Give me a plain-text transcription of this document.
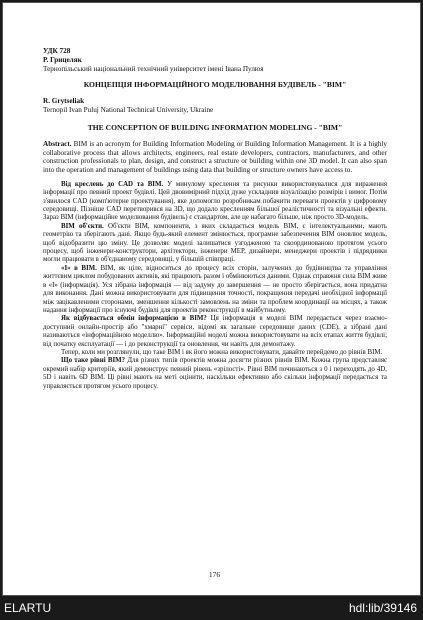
УДК 728
Р. Грицеляк
Тернопільський національний технічний університет імені Івана Пулюя
КОНЦЕПЦІЯ ІНФОРМАЦІЙНОГО МОДЕЛЮВАННЯ БУДІВЕЛЬ - "BIM"
R. Grytseliak
Ternopil Ivan Puluj National Technical University, Ukraine
THE CONCEPTION OF BUILDING INFORMATION MODELING - "BIM"

Abstract. BIM is an acronym for Building Information Modeling or Building Information Management. It is a highly collaborative process that allows architects, engineers, real estate developers, contractors, manufacturers, and other construction professionals to plan, design, and construct a structure or building within one 3D model. It can also span into the operation and management of buildings using data that building or structure owners have access to.

Від креслень до CAD та BIM. У минулому креслення та рисунки використовувалися для вираження інформації про певний проект будівлі. Цей двовимірний підхід дуже ускладнив візуалізацію розмірів і вимог. Потім з'явилося CAD (комп'ютерне проектування), яке допомогло розробникам побачити переваги проектів у цифровому середовищі. Пізніше CAD перетворився на 3D, що додало кресленням більшої реалістичності та візуальні ефекти. Зараз BIM (інформаційне моделювання будівель) є стандартом, але це набагато більше, ніж просто 3D-модель.

BIM об'єкти. Об'єкти BIM, компоненти, з яких складається модель BIM, є інтелектуальними, мають геометрію та зберігають дані. Якщо будь-який елемент змінюється, програмне забезпечення BIM оновлює модель, щоб відобразити цю зміну. Це дозволяє моделі залишатися узгодженою та скоординованою протягом усього процесу, щоб інженери-конструктори, архітектори, інженери MEP, дизайнери, менеджери проектів і підрядники могли працювати в об'єднаному середовищі, у більшій співпраці.

«I» в BIM. BIM, як ціле, відноситься до процесу всіх сторін, залучених до будівництва та управління життєвим циклом побудованих активів, які працюють разом і обмінюються даними. Однак справжня сила BIM живе в «I» (інформація). Уся зібрана інформація — від задуму до завершення — не просто зберігається, вона придатна для виконання. Дані можна використовувати для підвищення точності, покращення передачі необхідної інформації між зацікавленими сторонами, зменшення кількості замовлень на зміни та проблем координації на місцях, а також надання інформації про існуючі будівлі для проектів реконструкції в майбутньому.

Як відбувається обмін інформацією в BIM? Ця інформація в моделі BIM передається через взаємо-доступний онлайн-простір або "хмарні" сервіси, відомі як загальне середовище даних (CDE), а зібрані дані називаються «інформаційною моделлю». Інформаційні моделі можна використовувати на всіх етапах життя будівлі; від початку експлуатації — і до реконструкції та оновлення, чи навіть для демонтажу.

Тепер, коли ми розглянули, що таке BIM і як його можна використовувати, давайте перейдемо до рівнів BIM.

Що таке рівні BIM? Для різних типів проектів можна досягти різних рівнів BIM. Кожна група представляє окремий набір критеріїв, який демонструє певний рівень «зрілості». Рівні BIM починаються з 0 і переходять до 4D, 5D і навіть 6D BIM. Ці рівні мають на меті оцінити, наскільки ефективно або скільки інформації передається та управляється протягом усього процесу.

176
ELARTU	hdl:lib/39146
